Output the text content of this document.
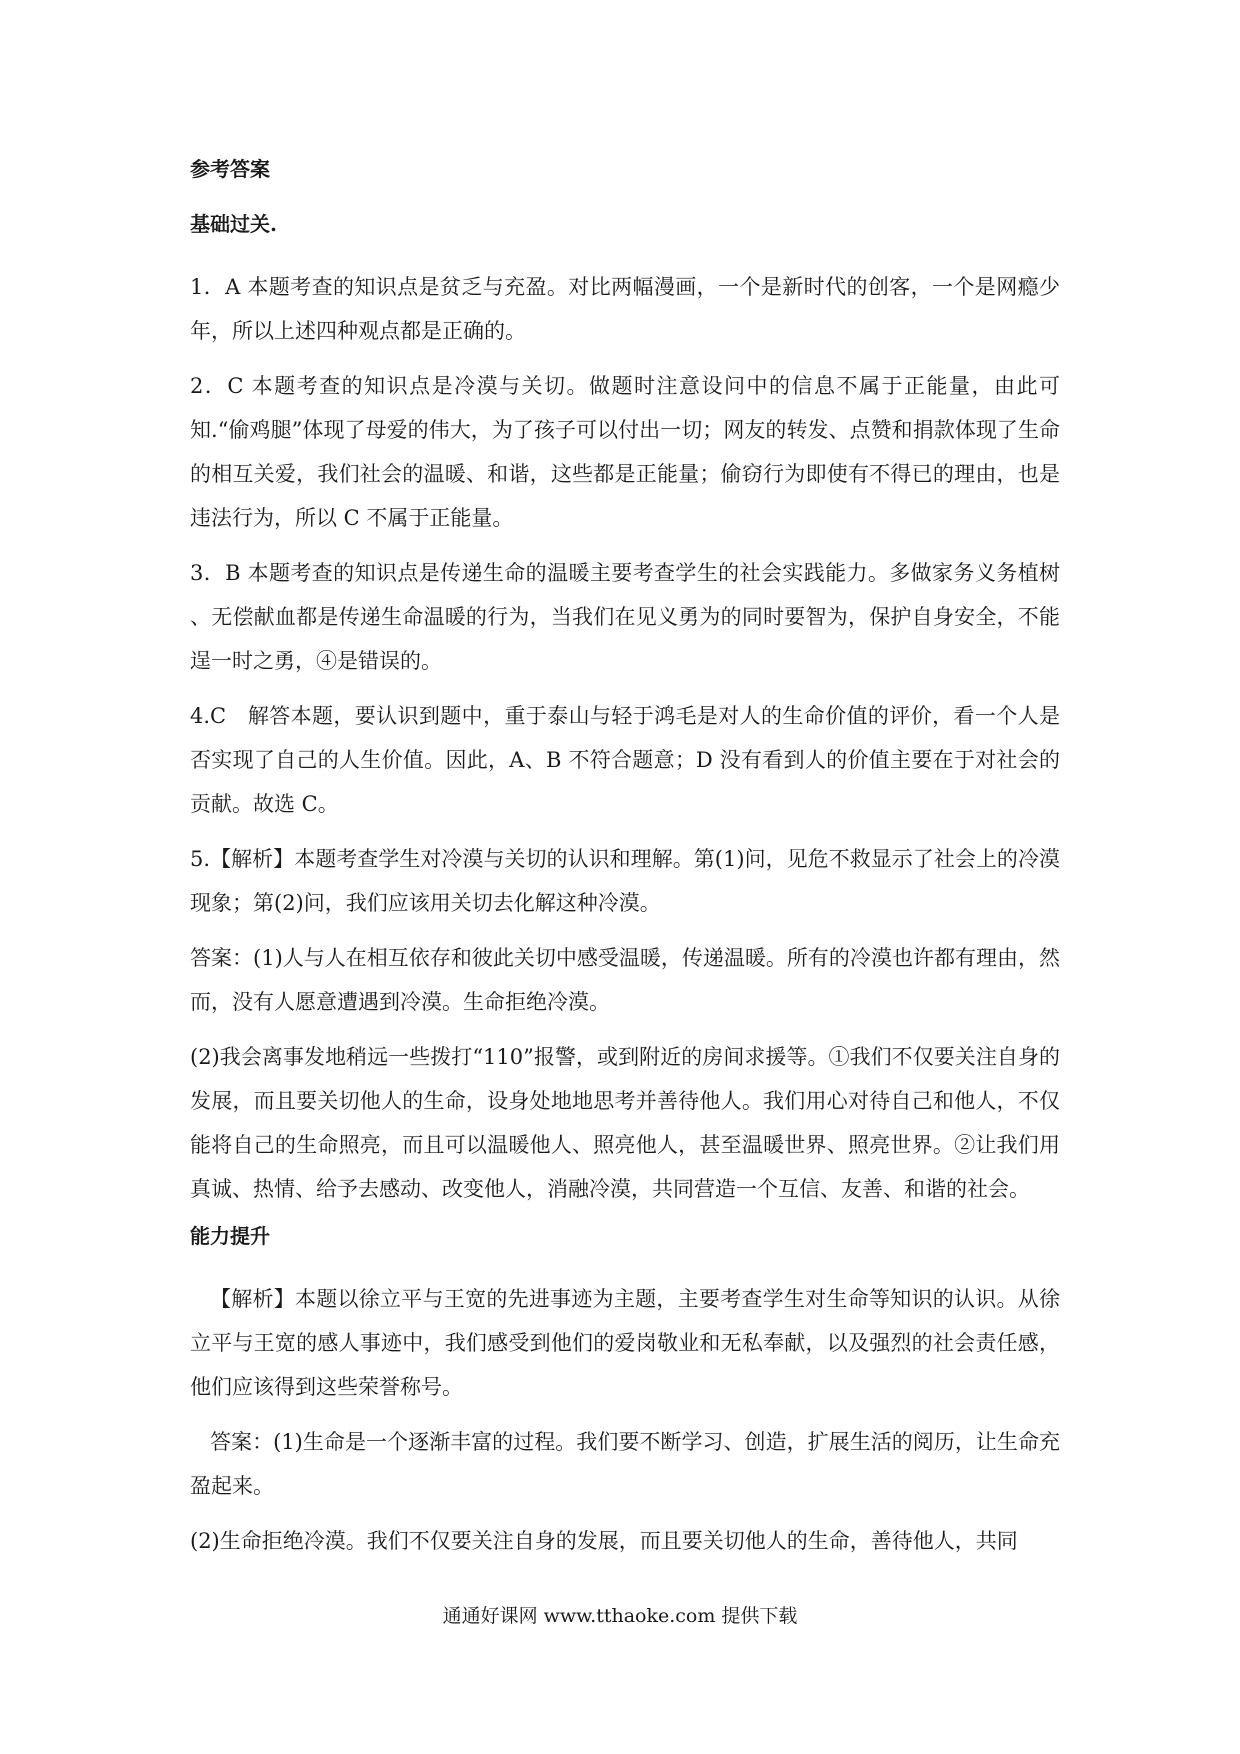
参考答案
基础过关.

1．A 本题考查的知识点是贫乏与充盈。对比两幅漫画，一个是新时代的创客，一个是网瘾少年，所以上述四种观点都是正确的。

2．C 本题考查的知识点是冷漠与关切。做题时注意设问中的信息不属于正能量，由此可知.“偷鸡腿”体现了母爱的伟大，为了孩子可以付出一切；网友的转发、点赞和捐款体现了生命的相互关爱，我们社会的温暖、和谐，这些都是正能量；偷窃行为即使有不得已的理由，也是违法行为，所以 C 不属于正能量。

3．B 本题考查的知识点是传递生命的温暖主要考查学生的社会实践能力。多做家务义务植树 、无偿献血都是传递生命温暖的行为，当我们在见义勇为的同时要智为，保护自身安全，不能逞一时之勇，④是错误的。

4.C　解答本题，要认识到题中，重于泰山与轻于鸿毛是对人的生命价值的评价，看一个人是否实现了自己的人生价值。因此，A、B 不符合题意；D 没有看到人的价值主要在于对社会的贡献。故选 C。

5.【解析】本题考查学生对冷漠与关切的认识和理解。第(1)问，见危不救显示了社会上的冷漠现象；第(2)问，我们应该用关切去化解这种冷漠。

答案：(1)人与人在相互依存和彼此关切中感受温暖，传递温暖。所有的冷漠也许都有理由，然而，没有人愿意遭遇到冷漠。生命拒绝冷漠。

(2)我会离事发地稍远一些拨打“110”报警，或到附近的房间求援等。①我们不仅要关注自身的发展，而且要关切他人的生命，设身处地地思考并善待他人。我们用心对待自己和他人，不仅能将自己的生命照亮，而且可以温暖他人、照亮他人，甚至温暖世界、照亮世界。②让我们用真诚、热情、给予去感动、改变他人，消融冷漠，共同营造一个互信、友善、和谐的社会。

能力提升

【解析】本题以徐立平与王宽的先进事迹为主题，主要考查学生对生命等知识的认识。从徐立平与王宽的感人事迹中，我们感受到他们的爱岗敬业和无私奉献，以及强烈的社会责任感，他们应该得到这些荣誉称号。

答案：(1)生命是一个逐渐丰富的过程。我们要不断学习、创造，扩展生活的阅历，让生命充盈起来。

(2)生命拒绝冷漠。我们不仅要关注自身的发展，而且要关切他人的生命，善待他人，共同

通通好课网 www.tthaoke.com 提供下载
